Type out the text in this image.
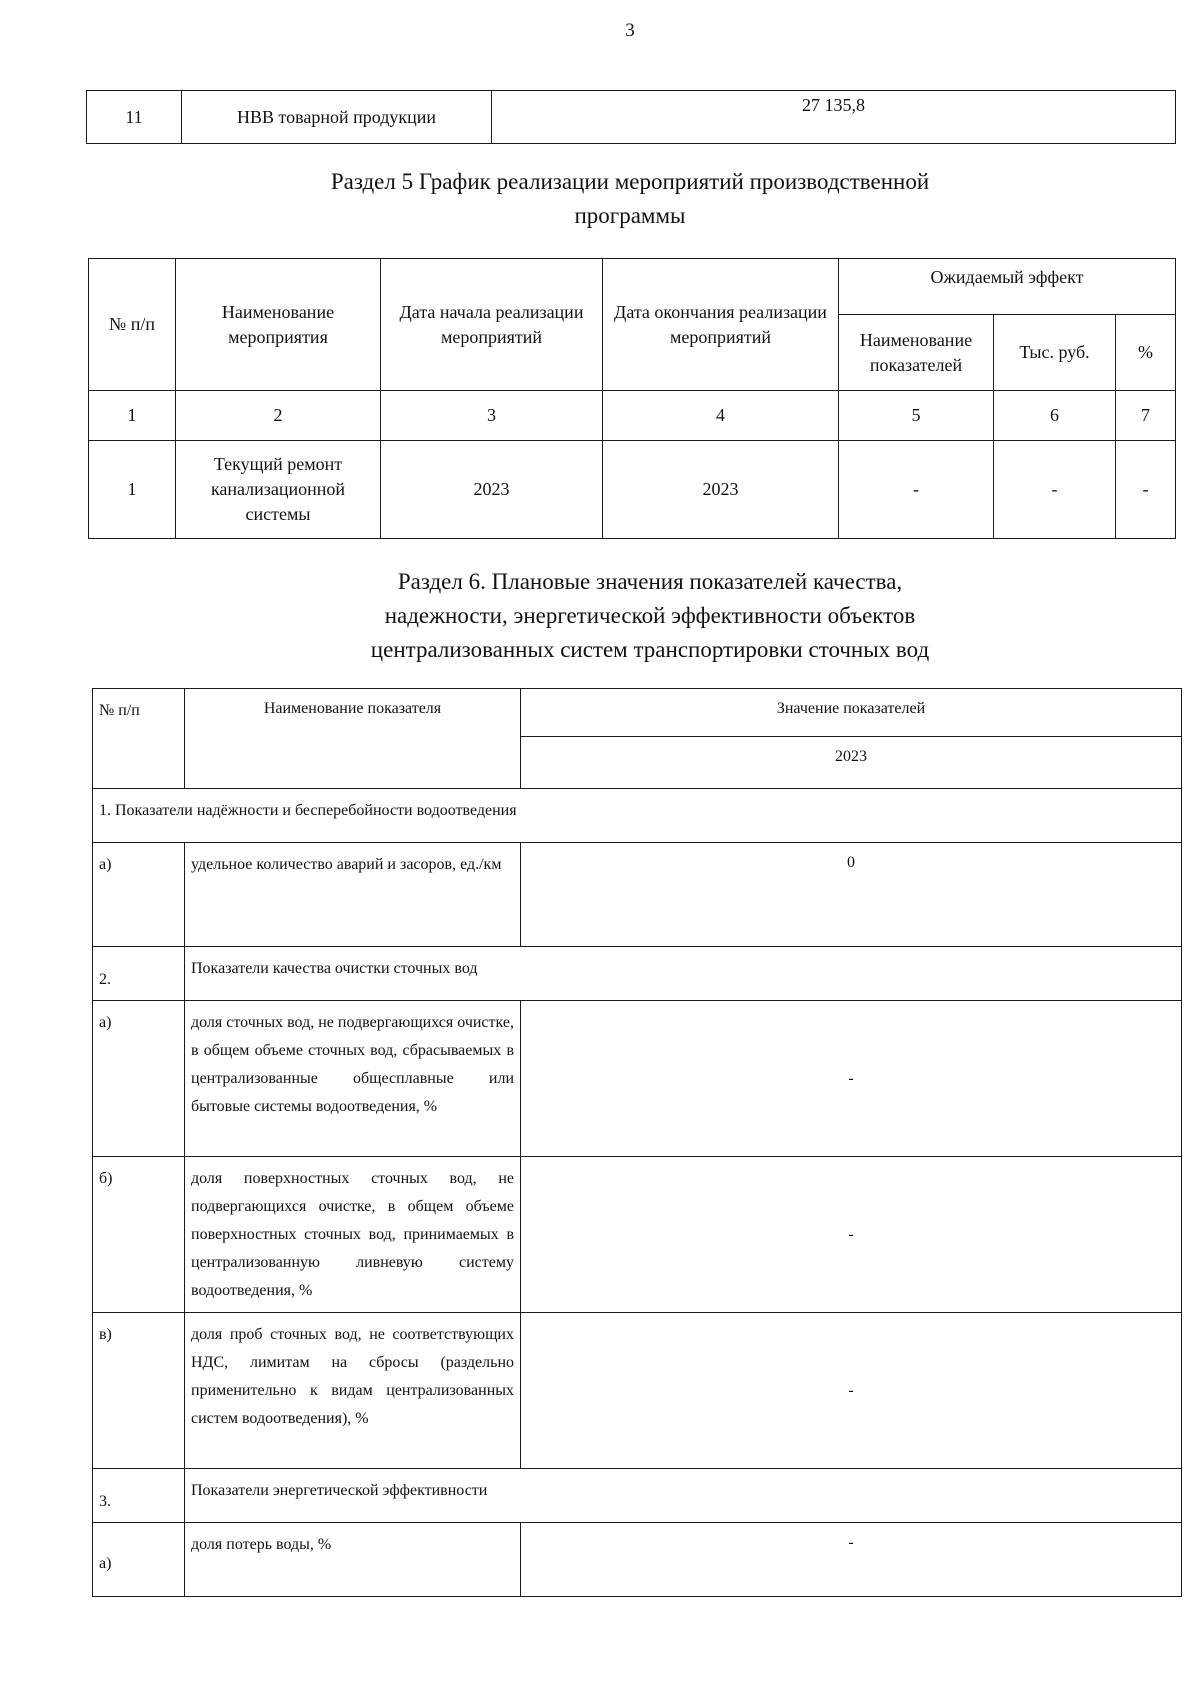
3
11	НВВ товарной продукции	27 135,8
Раздел 5 График реализации мероприятий производственной
программы
№ п/п	Наименование мероприятия	Дата начала реализации мероприятий	Дата окончания реализации мероприятий	Ожидаемый эффект		
				Наименование показателей	Тыс. руб.	%
1	2	3	4	5	6	7
1	Текущий ремонт канализационной системы	2023	2023	-	-	-
Раздел 6. Плановые значения показателей качества,
надежности, энергетической эффективности объектов
централизованных систем транспортировки сточных вод
№ п/п	Наименование показателя	Значение показателей
		2023
1. Показатели надёжности и бесперебойности водоотведения		
а)	удельное количество аварий и засоров, ед./км	0
2.	Показатели качества очистки сточных вод	
а)	доля сточных вод, не подвергающихся очистке, в общем объеме сточных вод, сбрасываемых в централизованные общесплавные или бытовые системы водоотведения, %	-
б)	доля поверхностных сточных вод, не подвергающихся очистке, в общем объеме поверхностных сточных вод, принимаемых в централизованную ливневую систему водоотведения, %	-
в)	доля проб сточных вод, не соответствующих НДС, лимитам на сбросы (раздельно применительно к видам централизованных систем водоотведения), %	-
3.	Показатели энергетической эффективности	
а)	доля потерь воды, %	-
